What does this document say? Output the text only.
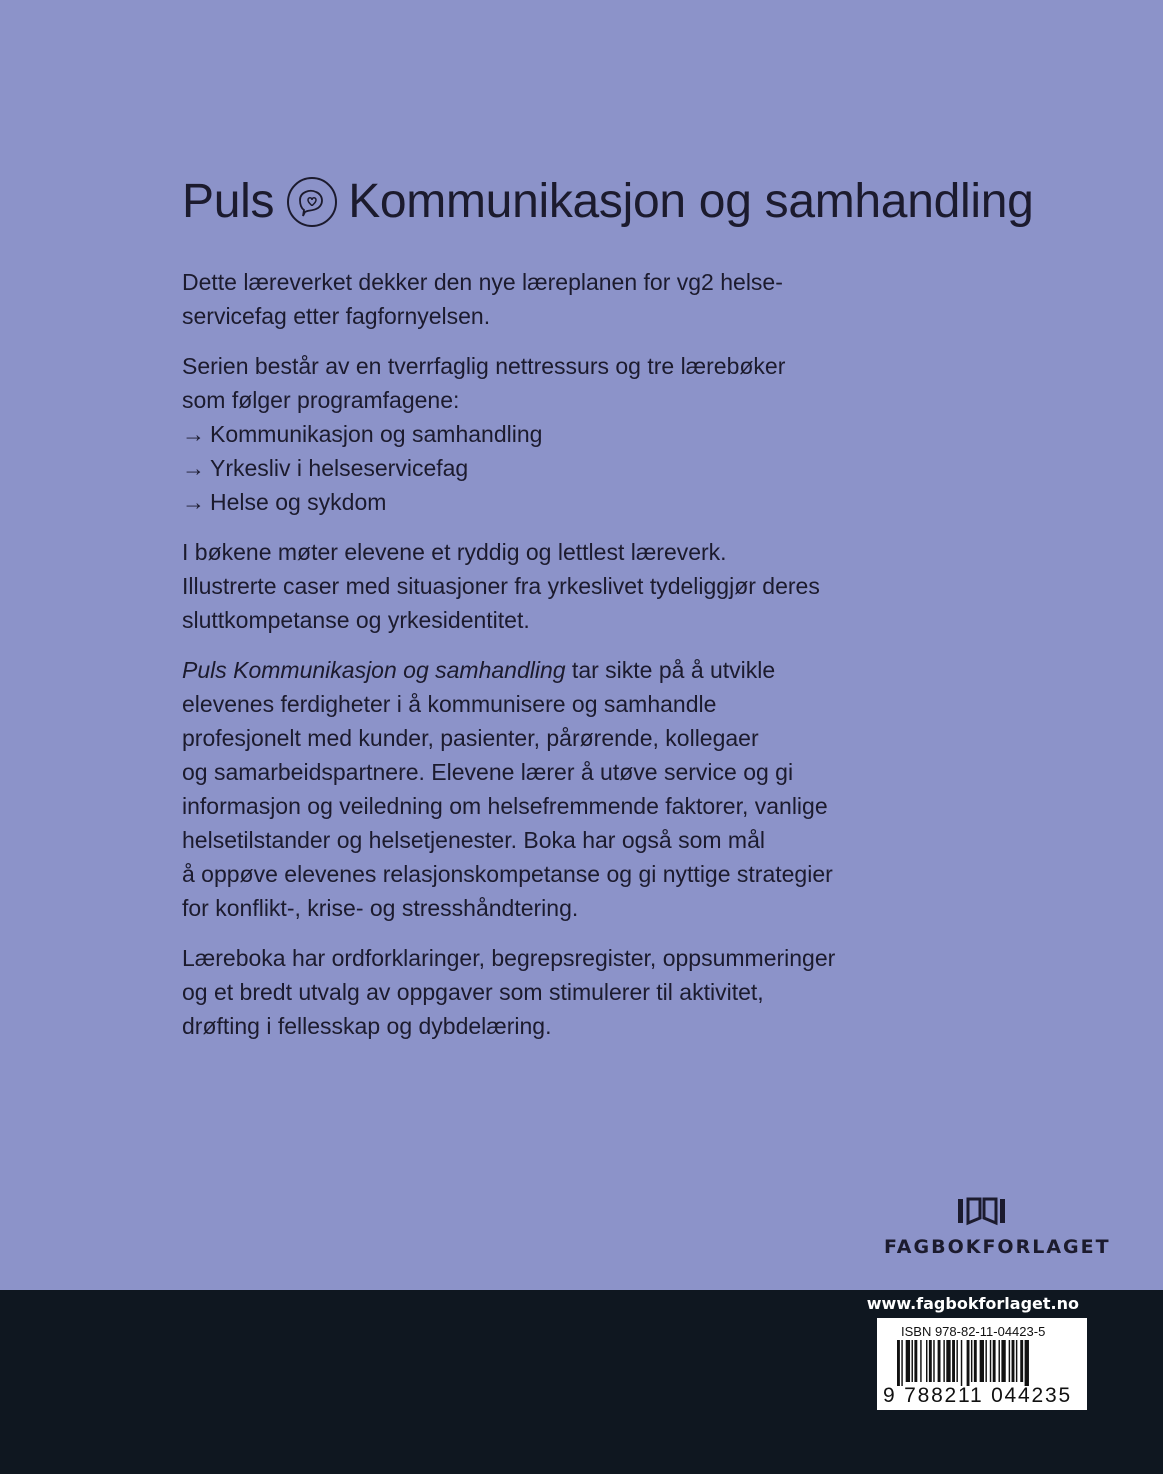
Puls Kommunikasjon og samhandling

Dette læreverket dekker den nye læreplanen for vg2 helse-
servicefag etter fagfornyelsen.

Serien består av en tverrfaglig nettressurs og tre lærebøker
som følger programfagene:
→ Kommunikasjon og samhandling
→ Yrkesliv i helseservicefag
→ Helse og sykdom

I bøkene møter elevene et ryddig og lettlest læreverk.
Illustrerte caser med situasjoner fra yrkeslivet tydeliggjør deres
sluttkompetanse og yrkesidentitet.

Puls Kommunikasjon og samhandling tar sikte på å utvikle
elevenes ferdigheter i å kommunisere og samhandle
profesjonelt med kunder, pasienter, pårørende, kollegaer
og samarbeidspartnere. Elevene lærer å utøve service og gi
informasjon og veiledning om helsefremmende faktorer, vanlige
helsetilstander og helsetjenester. Boka har også som mål
å oppøve elevenes relasjonskompetanse og gi nyttige strategier
for konflikt-, krise- og stresshåndtering.

Læreboka har ordforklaringer, begrepsregister, oppsummeringer
og et bredt utvalg av oppgaver som stimulerer til aktivitet,
drøfting i fellesskap og dybdelæring.

FAGBOKFORLAGET
www.fagbokforlaget.no
ISBN 978-82-11-04423-5
9 788211 044235
